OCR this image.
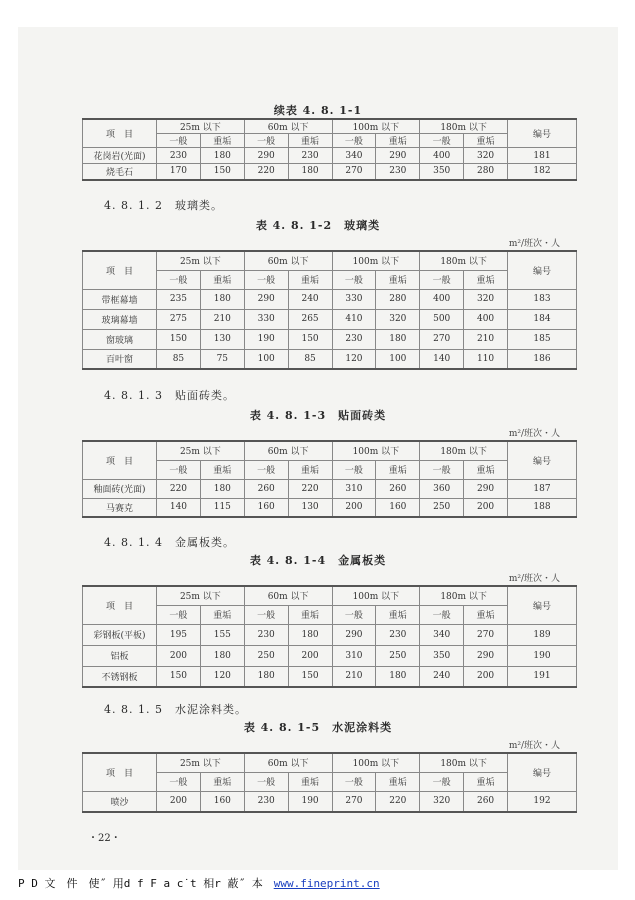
续表 4. 8. 1-1
项　目	25m 以下		60m 以下		100m 以下		180m 以下		编号
	一般	重垢	一般	重垢	一般	重垢	一般	重垢	
花岗岩(光面)	230	180	290	230	340	290	400	320	181
烧毛石	170	150	220	180	270	230	350	280	182
4. 8. 1. 2　玻璃类。
表 4. 8. 1-2　玻璃类
m²/班次・人
项　目	25m 以下		60m 以下		100m 以下		180m 以下		编号
	一般	重垢	一般	重垢	一般	重垢	一般	重垢	
带框幕墙	235	180	290	240	330	280	400	320	183
玻璃幕墙	275	210	330	265	410	320	500	400	184
窗玻璃	150	130	190	150	230	180	270	210	185
百叶窗	85	75	100	85	120	100	140	110	186
4. 8. 1. 3　贴面砖类。
表 4. 8. 1-3　贴面砖类
m²/班次・人
项　目	25m 以下		60m 以下		100m 以下		180m 以下		编号
	一般	重垢	一般	重垢	一般	重垢	一般	重垢	
釉面砖(光面)	220	180	260	220	310	260	360	290	187
马赛克	140	115	160	130	200	160	250	200	188
4. 8. 1. 4　金属板类。
表 4. 8. 1-4　金属板类
m²/班次・人
项　目	25m 以下		60m 以下		100m 以下		180m 以下		编号
	一般	重垢	一般	重垢	一般	重垢	一般	重垢	
彩钢板(平板)	195	155	230	180	290	230	340	270	189
铝板	200	180	250	200	310	250	350	290	190
不锈钢板	150	120	180	150	210	180	240	200	191
4. 8. 1. 5　水泥涂料类。
表 4. 8. 1-5　水泥涂料类
m²/班次・人
项　目	25m 以下		60m 以下		100m 以下		180m 以下		编号
	一般	重垢	一般	重垢	一般	重垢	一般	重垢	
喷沙	200	160	230	190	270	220	320	260	192
・22・
P D 文　件　使˝ 用d f F a c˙t 相r 蔽˝ 本　www.fineprint.cn
